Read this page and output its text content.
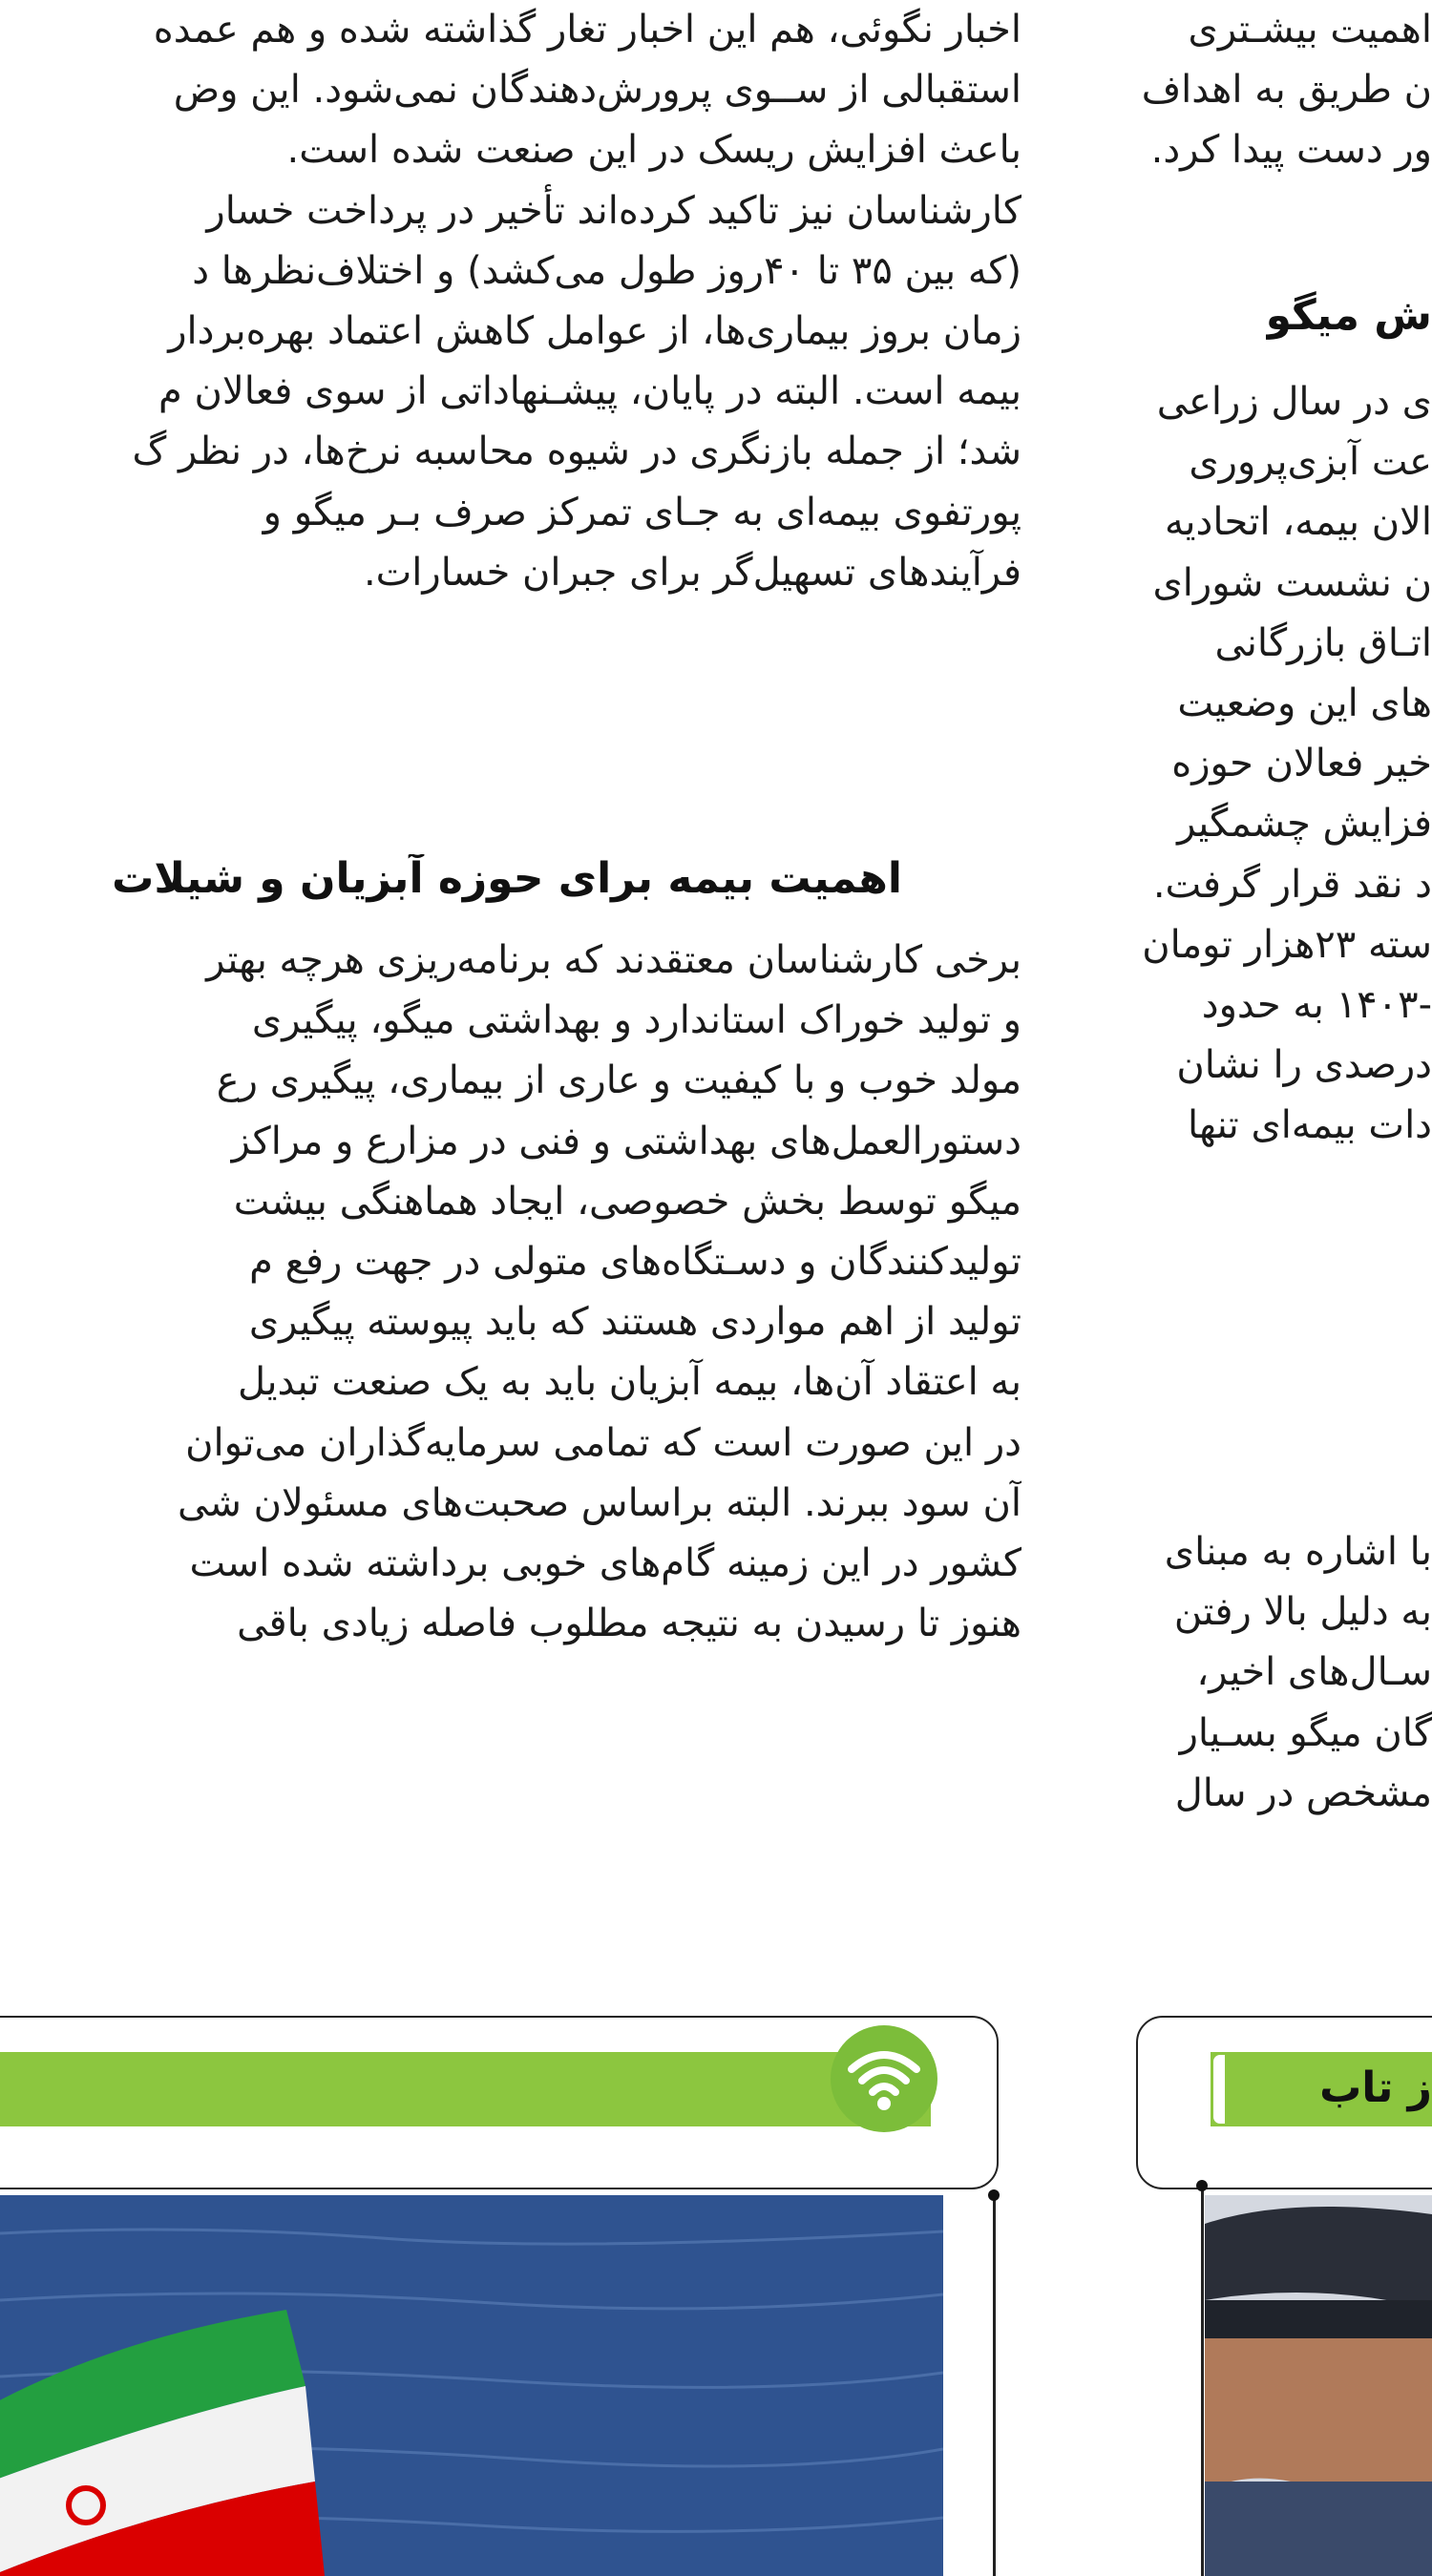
اخبار نگوئی، هم این اخبار تغار گذاشته شده و هم عمده
استقبالی از ســوی پرورش‌دهندگان نمی‌شود. این وض
باعث افزایش ریسک در این صنعت شده است.
کارشناسان نیز تاکید کرده‌اند تأخیر در پرداخت خسار
(که بین ۳۵ تا ۴۰روز طول می‌کشد) و اختلاف‌نظرها د
زمان بروز بیماری‌ها، از عوامل کاهش اعتماد بهره‌بردار
بیمه است. البته در پایان، پیشـنهاداتی از سوی فعالان م
شد؛ از جمله بازنگری در شیوه محاسبه نرخ‌ها، در نظر گ
پورتفوی بیمه‌ای به جـای تمرکز صرف بـر میگو و
فرآیندهای تسهیل‌گر برای جبران خسارات.
اهمیت بیمه برای حوزه آبزیان و شیلات
برخی کارشناسان معتقدند که برنامه‌ریزی هرچه بهتر
و تولید خوراک استاندارد و بهداشتی میگو، پیگیری
مولد خوب و با کیفیت و عاری از بیماری، پیگیری رع
دستورالعمل‌های بهداشتی و فنی در مزارع و مراکز
میگو توسط بخش خصوصی، ایجاد هماهنگی بیشت
تولیدکنندگان و دسـتگاه‌های متولی در جهت رفع م
تولید از اهم مواردی هستند که باید پیوسته پیگیری
به اعتقاد آن‌ها، بیمه آبزیان باید به یک صنعت تبدیل
در این صورت است که تمامی سرمایه‌گذاران می‌توان
آن سود ببرند. البته براساس صحبت‌های مسئولان شی
کشور در این زمینه گام‌های خوبی برداشته شده است
هنوز تا رسیدن به نتیجه مطلوب فاصله زیادی باقی
اهمیت بیشـتری
ن طریق به اهداف
ور دست پیدا کرد.
ش میگو
ی در سال زراعی
عت آبزی‌پروری
الان بیمه، اتحادیه
ن نشست شورای
اتـاق بازرگانی
های این وضعیت
خیر فعالان حوزه
فزایش چشمگیر
د نقد قرار گرفت.
سته ۲۳هزار تومان
-۱۴۰۳ به حدود
درصدی را نشان
دات بیمه‌ای تنها
با اشاره به مبنای
به دلیل بالا رفتن
سـال‌های اخیر،
گان میگو بسـیار
مشخص در سال
ز تاب
